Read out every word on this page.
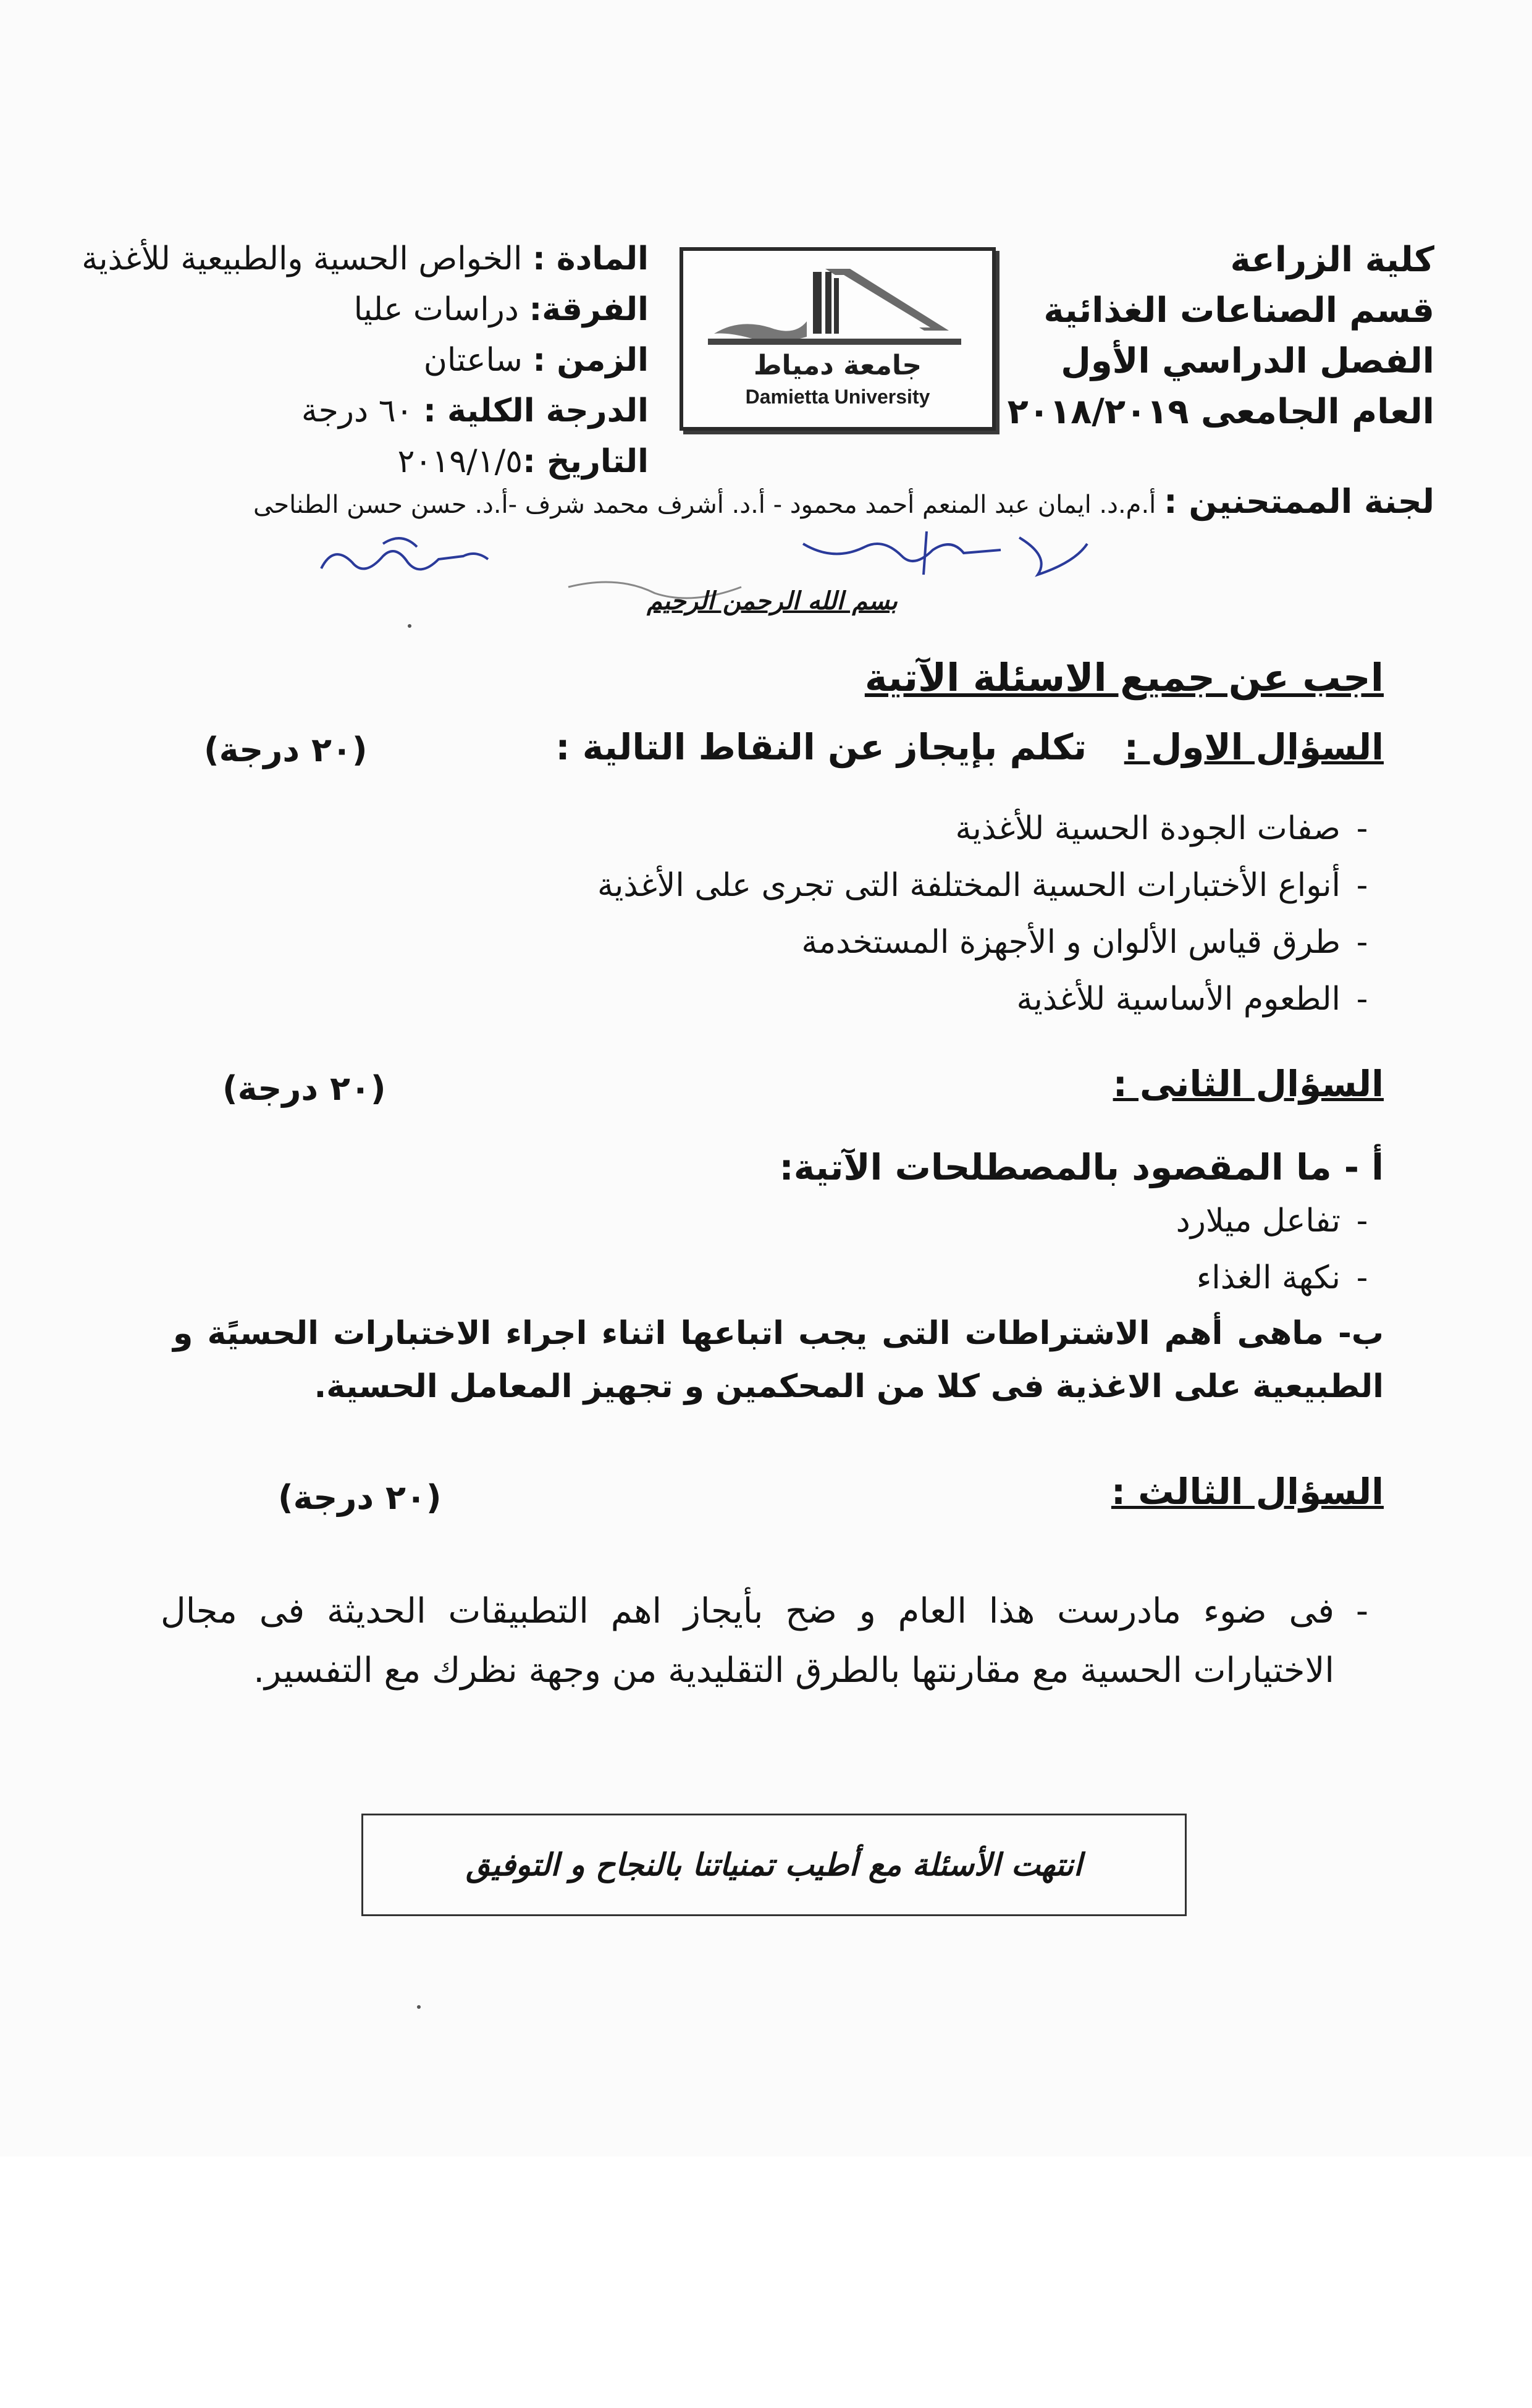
كلية الزراعة
قسم الصناعات الغذائية
الفصل الدراسي الأول
العام الجامعى ٢٠١٨/٢٠١٩
جامعة دمياط
Damietta University
المادة : الخواص الحسية والطبيعية للأغذية
الفرقة: دراسات عليا
الزمن : ساعتان
الدرجة الكلية : ٦٠ درجة
التاريخ :٢٠١٩/١/٥
لجنة الممتحنين : أ.م.د. ايمان عبد المنعم أحمد محمود - أ.د. أشرف محمد شرف -أ.د. حسن حسن الطناحى
بسم الله الرحمن الرحيم
اجب عن جميع الاسئلة الآتية
السؤال الاول :   تكلم بإيجاز عن النقاط التالية :
(٢٠ درجة)
-صفات الجودة الحسية للأغذية
-أنواع الأختبارات الحسية المختلفة التى تجرى على الأغذية
-طرق قياس الألوان و الأجهزة المستخدمة
-الطعوم الأساسية للأغذية
السؤال الثانى :
(٢٠ درجة)
أ - ما المقصود بالمصطلحات الآتية:
-تفاعل ميلارد
-نكهة الغذاء
ب- ماهى أهم الاشتراطات التى يجب اتباعها اثناء اجراء الاختبارات الحسيًة و الطبيعية على الاغذية فى كلا من المحكمين و تجهيز المعامل الحسية.
السؤال الثالث :
(٢٠ درجة)
-
فى ضوء مادرست هذا العام و ضح بأيجاز اهم التطبيقات الحديثة فى مجال الاختيارات الحسية مع مقارنتها بالطرق التقليدية من وجهة نظرك مع التفسير.
انتهت الأسئلة مع أطيب تمنياتنا بالنجاح و التوفيق
